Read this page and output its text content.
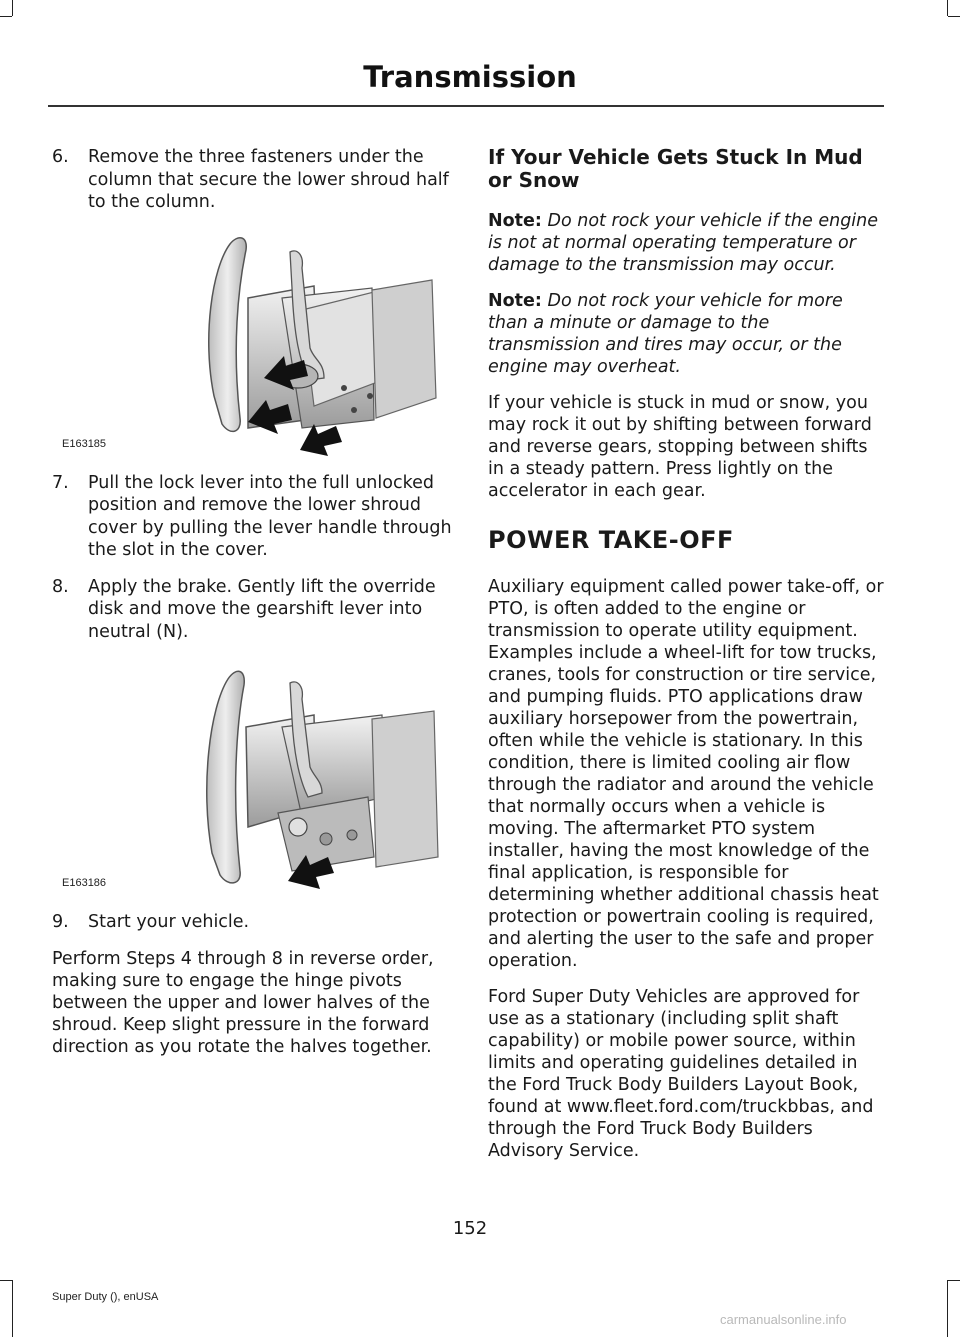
Transmission
6. Remove the three fasteners under the column that secure the lower shroud half to the column.
E163185
7. Pull the lock lever into the full unlocked position and remove the lower shroud cover by pulling the lever handle through the slot in the cover.
8. Apply the brake. Gently lift the override disk and move the gearshift lever into neutral (N).
E163186
9. Start your vehicle.

Perform Steps 4 through 8 in reverse order, making sure to engage the hinge pivots between the upper and lower halves of the shroud. Keep slight pressure in the forward direction as you rotate the halves together.

If Your Vehicle Gets Stuck In Mud or Snow

Note: Do not rock your vehicle if the engine is not at normal operating temperature or damage to the transmission may occur.

Note: Do not rock your vehicle for more than a minute or damage to the transmission and tires may occur, or the engine may overheat.

If your vehicle is stuck in mud or snow, you may rock it out by shifting between forward and reverse gears, stopping between shifts in a steady pattern. Press lightly on the accelerator in each gear.

POWER TAKE-OFF

Auxiliary equipment called power take-off, or PTO, is often added to the engine or transmission to operate utility equipment. Examples include a wheel-lift for tow trucks, cranes, tools for construction or tire service, and pumping fluids. PTO applications draw auxiliary horsepower from the powertrain, often while the vehicle is stationary. In this condition, there is limited cooling air flow through the radiator and around the vehicle that normally occurs when a vehicle is moving. The aftermarket PTO system installer, having the most knowledge of the final application, is responsible for determining whether additional chassis heat protection or powertrain cooling is required, and alerting the user to the safe and proper operation.

Ford Super Duty Vehicles are approved for use as a stationary (including split shaft capability) or mobile power source, within limits and operating guidelines detailed in the Ford Truck Body Builders Layout Book, found at www.fleet.ford.com/truckbbas, and through the Ford Truck Body Builders Advisory Service.

152
Super Duty (), enUSA
carmanualsonline.info
